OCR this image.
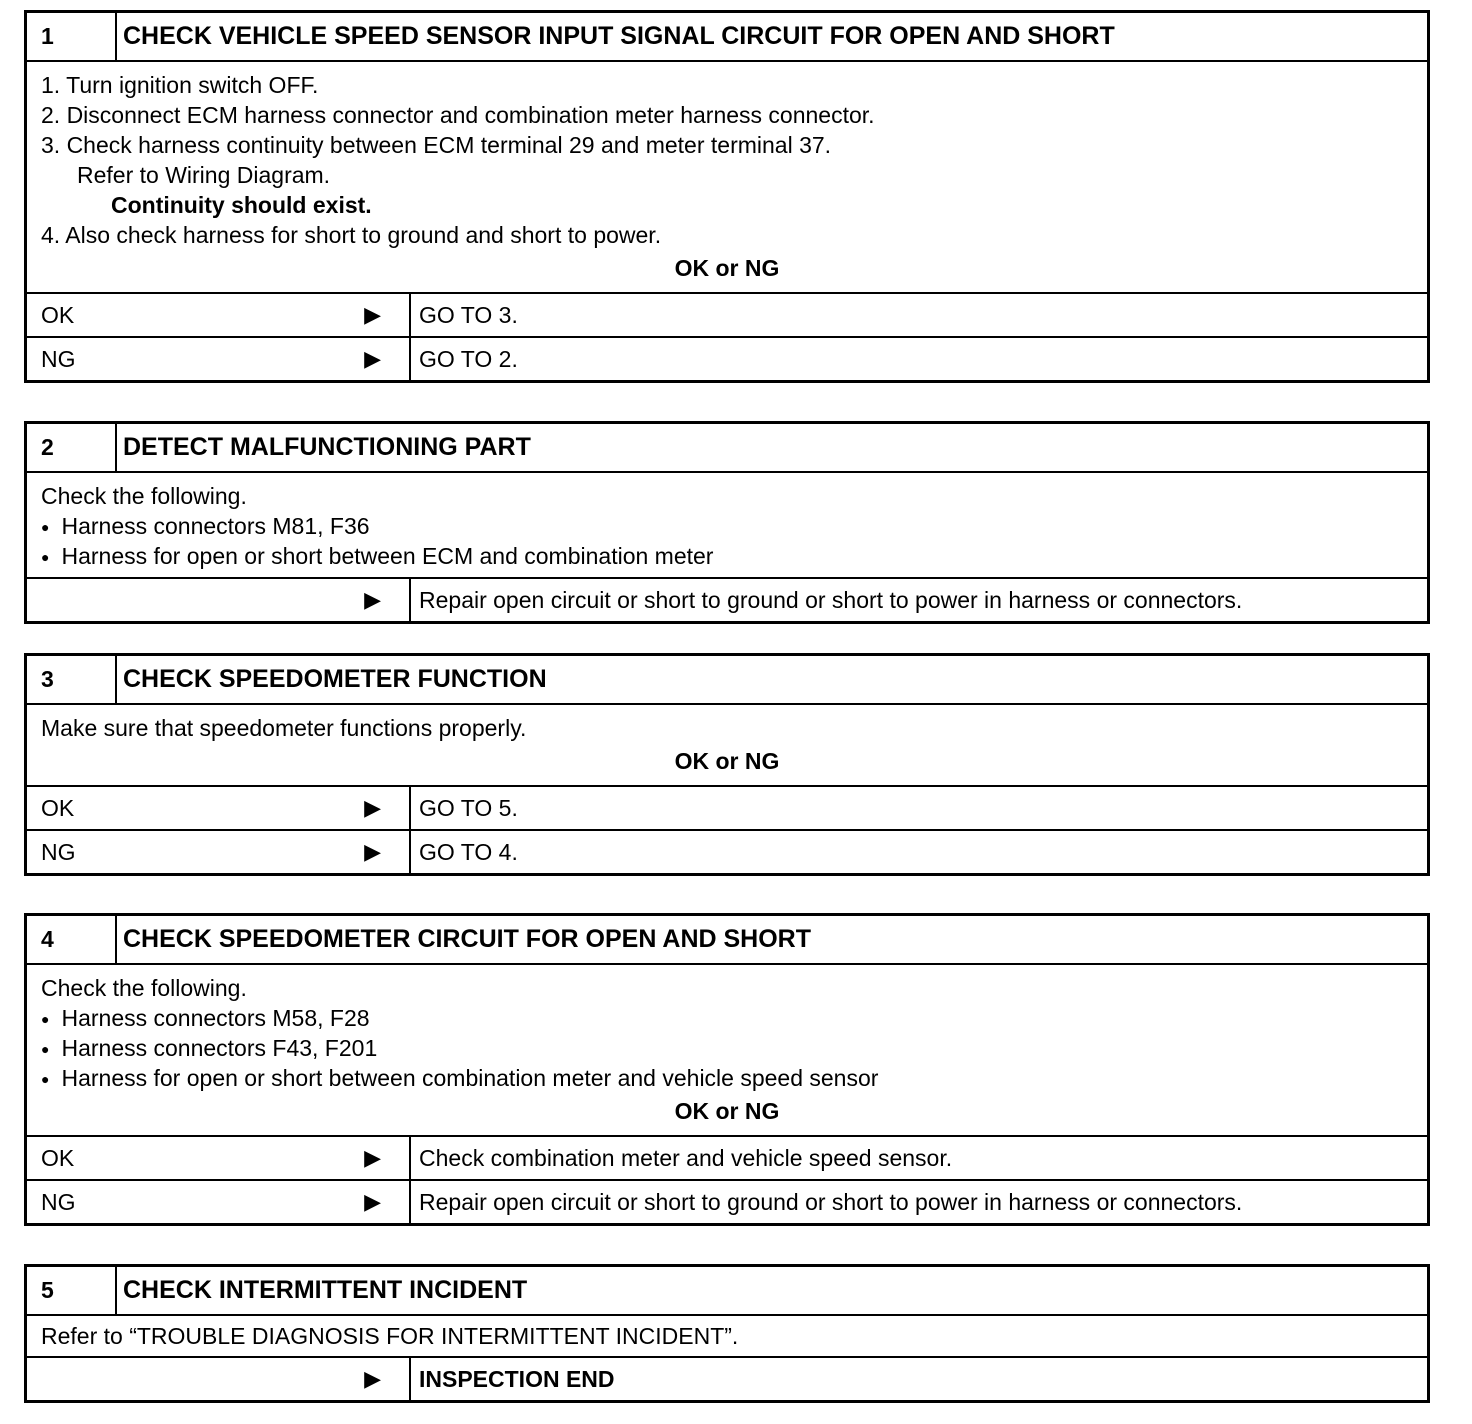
1	CHECK VEHICLE SPEED SENSOR INPUT SIGNAL CIRCUIT FOR OPEN AND SHORT
1. Turn ignition switch OFF.
2. Disconnect ECM harness connector and combination meter harness connector.
3. Check harness continuity between ECM terminal 29 and meter terminal 37.
Refer to Wiring Diagram.
Continuity should exist.
4. Also check harness for short to ground and short to power.
OK or NG
OK	▶	GO TO 3.
NG	▶	GO TO 2.
2	DETECT MALFUNCTIONING PART
Check the following.
● Harness connectors M81, F36
● Harness for open or short between ECM and combination meter
▶	Repair open circuit or short to ground or short to power in harness or connectors.
3	CHECK SPEEDOMETER FUNCTION
Make sure that speedometer functions properly.
OK or NG
OK	▶	GO TO 5.
NG	▶	GO TO 4.
4	CHECK SPEEDOMETER CIRCUIT FOR OPEN AND SHORT
Check the following.
● Harness connectors M58, F28
● Harness connectors F43, F201
● Harness for open or short between combination meter and vehicle speed sensor
OK or NG
OK	▶	Check combination meter and vehicle speed sensor.
NG	▶	Repair open circuit or short to ground or short to power in harness or connectors.
5	CHECK INTERMITTENT INCIDENT
Refer to “TROUBLE DIAGNOSIS FOR INTERMITTENT INCIDENT”.
▶	INSPECTION END
